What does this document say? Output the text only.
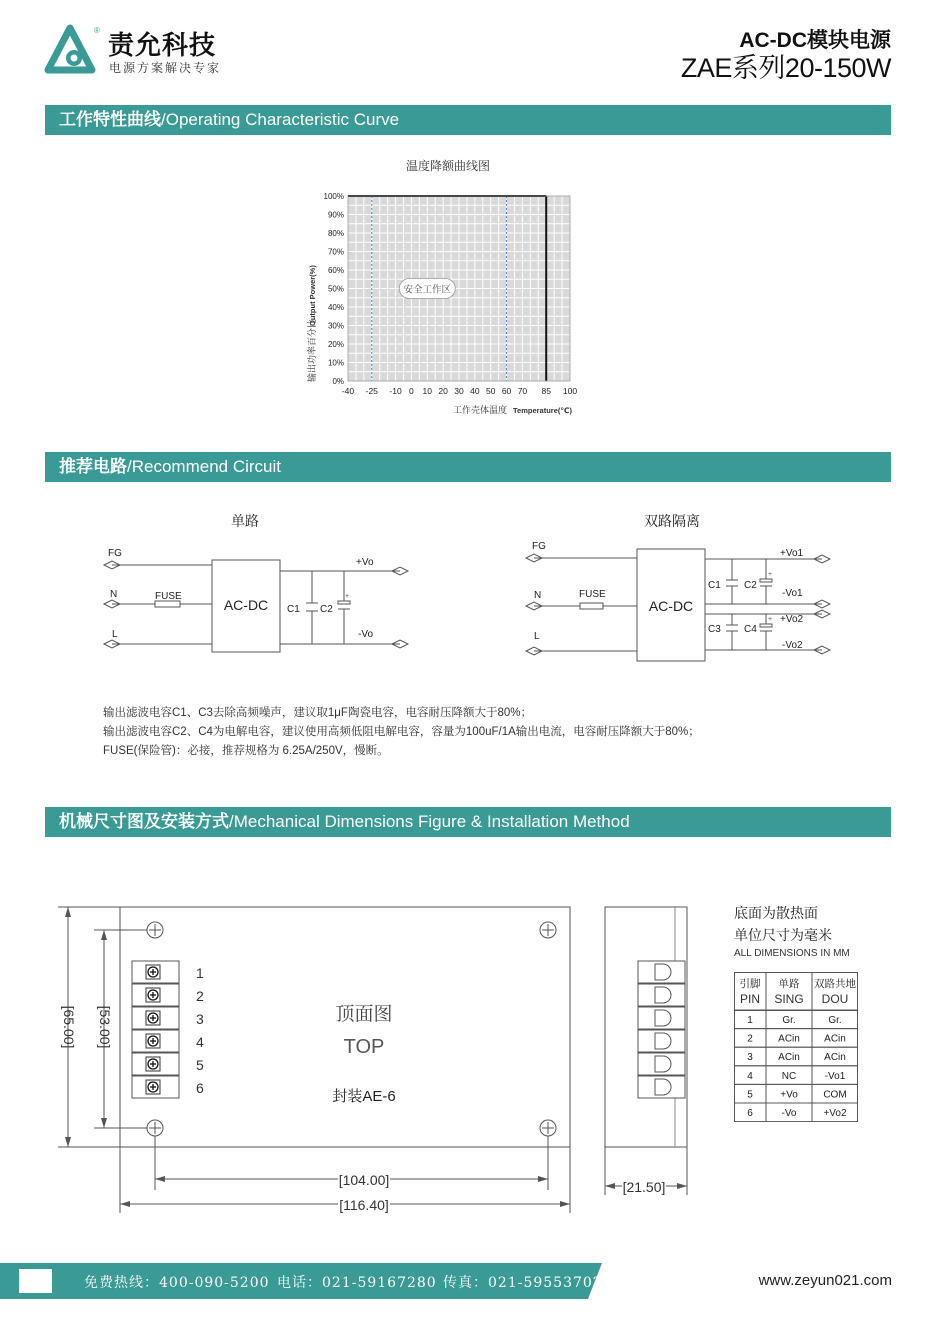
® 责允科技
电源方案解决专家
AC-DC模块电源
ZAE系列20-150W
工作特性曲线/Operating Characteristic Curve
温度降额曲线图
-40 -25 -10 0 10 20 30 40 50 60 70 85 100
0%
10%
20%
30%
40%
50%
60%
70%
80%
90%
100%
输出功率百分比
Output Power(%)
工作壳体温度 Temperature(℃)
安全工作区
推荐电路/Recommend Circuit
单路
+
FG
N
L
FUSE
AC-DC C1 C2
+Vo
-Vo
双路隔离
+
+
FG
N
L
FUSE
AC-DC
C1 C2
C3 C4
+Vo1
-Vo1
+Vo2
-Vo2
输出滤波电容C1、C3去除高频噪声，建议取1μF陶瓷电容，电容耐压降额大于80%；
输出滤波电容C2、C4为电解电容，建议使用高频低阻电解电容，容量为100uF/1A输出电流，电容耐压降额大于80%；
FUSE(保险管)：必接，推荐规格为 6.25A/250V，慢断。
机械尺寸图及安装方式/Mechanical Dimensions Figure & Installation Method
1
2
3
4
5
6
顶面图
TOP
封装AE-6
[65.00] [53.00]
[104.00]
[116.40]
[21.50]
底面为散热面
单位尺寸为毫米
ALL DIMENSIONS IN MM
引脚 单路 双路共地
PIN SING DOU
1	Gr.	Gr.
2	ACin ACin
3	ACin ACin
4	NC	-Vo1
5	+Vo	COM
6	-Vo	+Vo2
免费热线：400-090-5200 电话：021-59167280 传真：021-59553702	www.zeyun021.com
